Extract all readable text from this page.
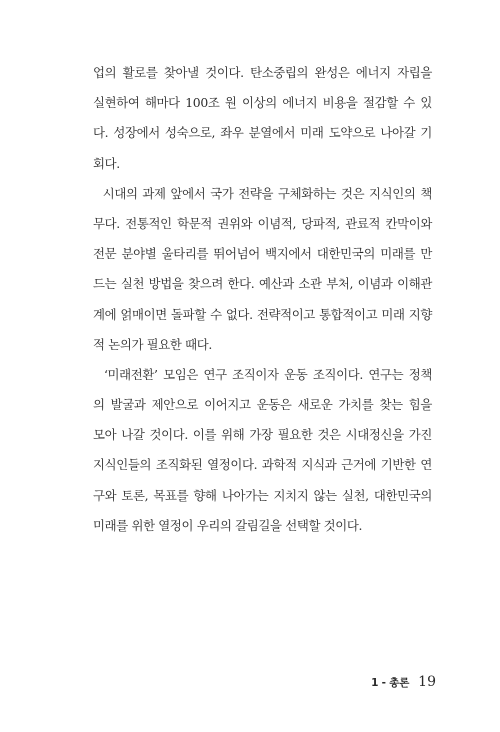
업의 활로를 찾아낼 것이다. 탄소중립의 완성은 에너지 자립을
실현하여 해마다 100조 원 이상의 에너지 비용을 절감할 수 있
다. 성장에서 성숙으로, 좌우 분열에서 미래 도약으로 나아갈 기
회다.
시대의 과제 앞에서 국가 전략을 구체화하는 것은 지식인의 책
무다. 전통적인 학문적 권위와 이념적, 당파적, 관료적 칸막이와
전문 분야별 울타리를 뛰어넘어 백지에서 대한민국의 미래를 만
드는 실천 방법을 찾으려 한다. 예산과 소관 부처, 이념과 이해관
계에 얽매이면 돌파할 수 없다. 전략적이고 통합적이고 미래 지향
적 논의가 필요한 때다.
‘미래전환’ 모임은 연구 조직이자 운동 조직이다. 연구는 정책
의 발굴과 제안으로 이어지고 운동은 새로운 가치를 찾는 힘을
모아 나갈 것이다. 이를 위해 가장 필요한 것은 시대정신을 가진
지식인들의 조직화된 열정이다. 과학적 지식과 근거에 기반한 연
구와 토론, 목표를 향해 나아가는 지치지 않는 실천, 대한민국의
미래를 위한 열정이 우리의 갈림길을 선택할 것이다.
1 - 총론 19
